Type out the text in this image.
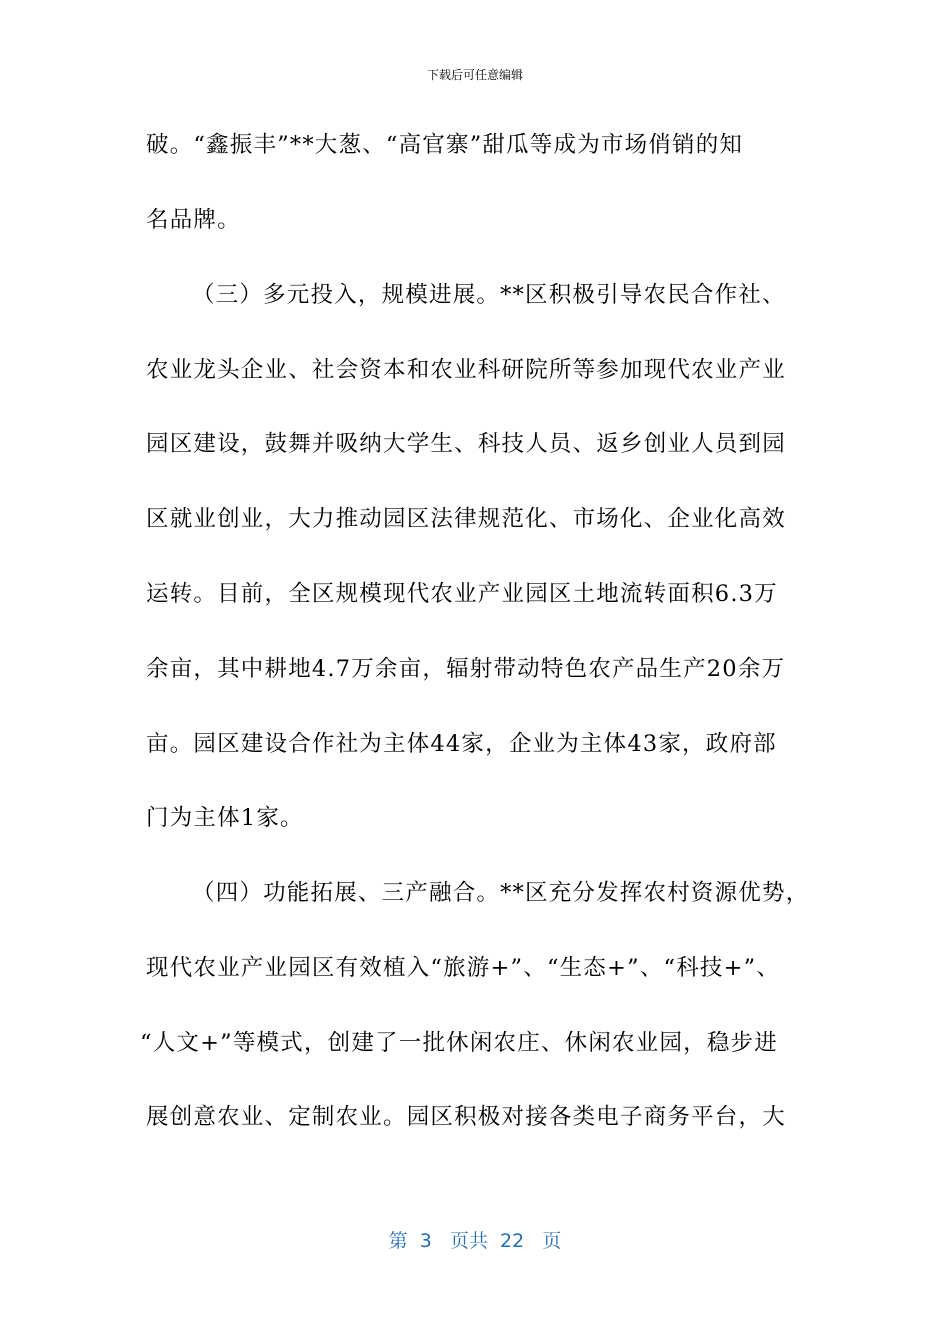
下载后可任意编辑
破。“鑫振丰”**大葱、“高官寨”甜瓜等成为市场俏销的知
名品牌。
（三）多元投入，规模进展。**区积极引导农民合作社、
农业龙头企业、社会资本和农业科研院所等参加现代农业产业
园区建设，鼓舞并吸纳大学生、科技人员、返乡创业人员到园
区就业创业，大力推动园区法律规范化、市场化、企业化高效
运转。目前，全区规模现代农业产业园区土地流转面积6.3万
余亩，其中耕地4.7万余亩，辐射带动特色农产品生产20余万
亩。园区建设合作社为主体44家，企业为主体43家，政府部
门为主体1家。
（四）功能拓展、三产融合。**区充分发挥农村资源优势，
现代农业产业园区有效植入“旅游+”、“生态+”、“科技+”、
“人文+”等模式，创建了一批休闲农庄、休闲农业园，稳步进
展创意农业、定制农业。园区积极对接各类电子商务平台，大
第 3 页共 22 页
